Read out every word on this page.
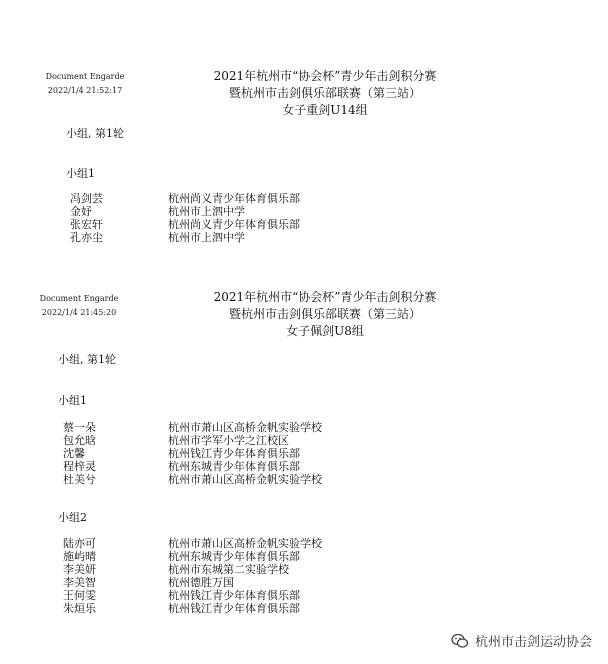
Document Engarde
2022/1/4 21:52:17
2021年杭州市“协会杯”青少年击剑积分赛
暨杭州市击剑俱乐部联赛（第三站）
女子重剑U14组
小组, 第1轮
小组1
冯剑芸	杭州尚义青少年体育俱乐部
金妤	杭州市上泗中学
张宏轩	杭州尚义青少年体育俱乐部
孔亦尘	杭州市上泗中学
Document Engarde
2022/1/4 21:45:20
2021年杭州市“协会杯”青少年击剑积分赛
暨杭州市击剑俱乐部联赛（第三站）
女子佩剑U8组
小组, 第1轮
小组1
蔡一朵	杭州市萧山区高桥金帆实验学校
包允晗	杭州市学军小学之江校区
沈馨	杭州钱江青少年体育俱乐部
程梓灵	杭州东城青少年体育俱乐部
杜美兮	杭州市萧山区高桥金帆实验学校
小组2
陆亦可	杭州市萧山区高桥金帆实验学校
施屿晴	杭州东城青少年体育俱乐部
李美妍	杭州市东城第二实验学校
李美智	杭州德胜万国
王何雯	杭州钱江青少年体育俱乐部
朱烜乐	杭州钱江青少年体育俱乐部
杭州市击剑运动协会
